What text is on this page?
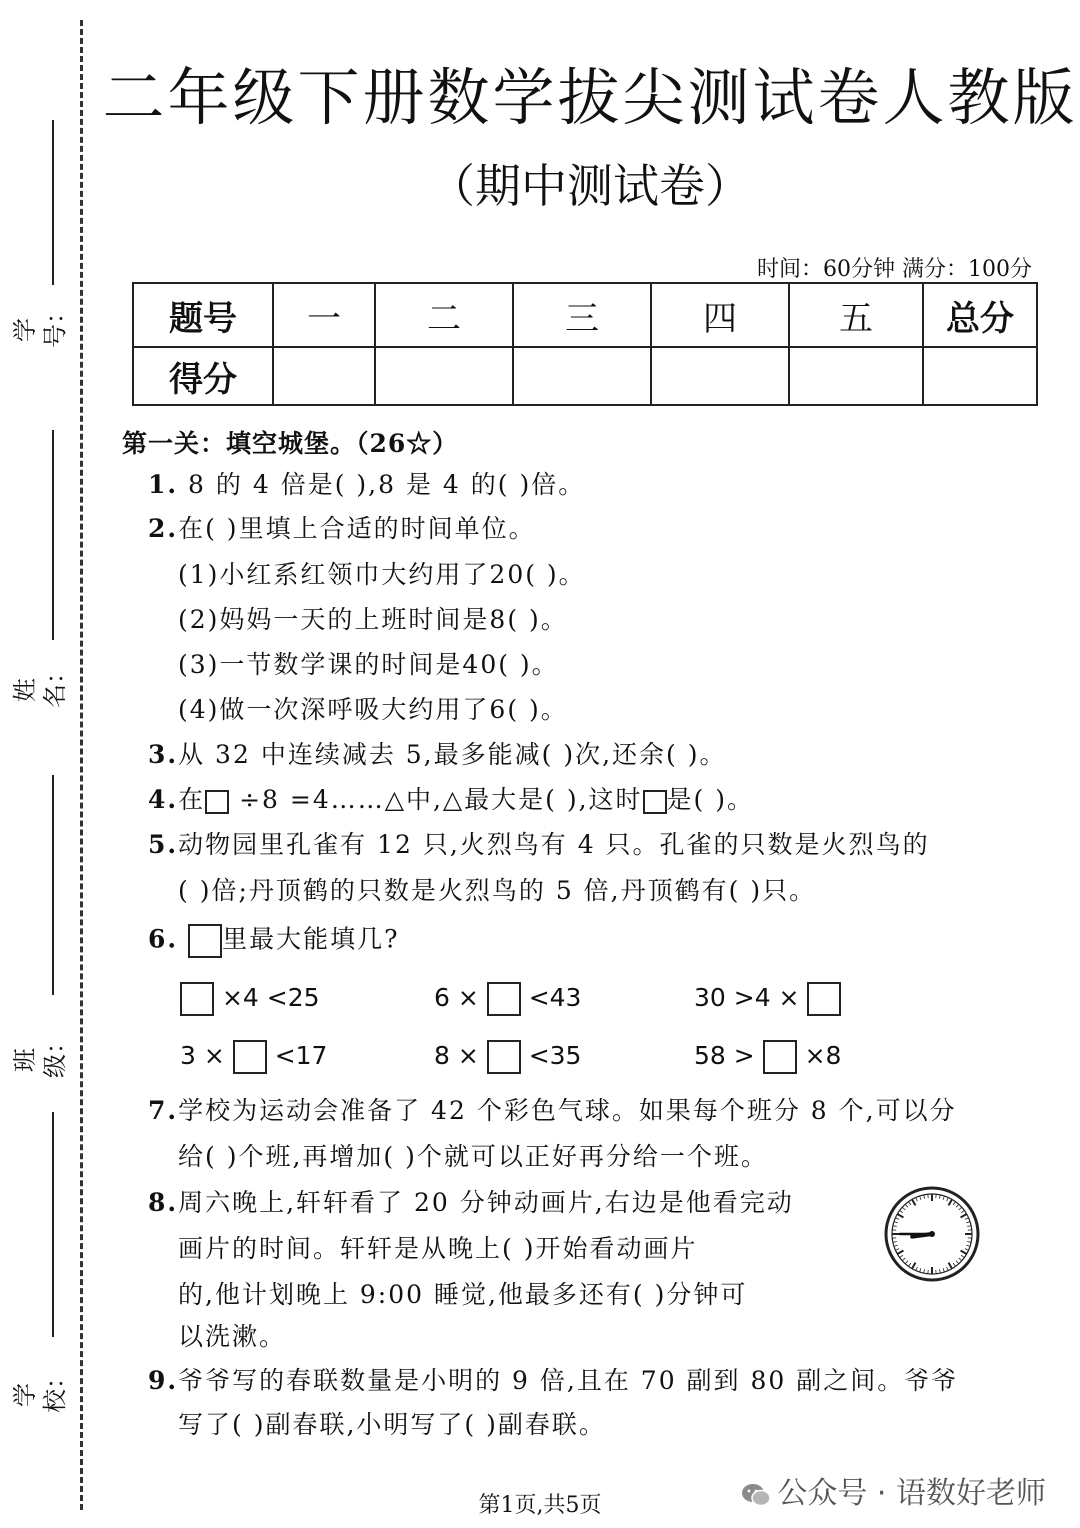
学号：
姓名：
班级：
学校：
二年级下册数学拔尖测试卷人教版
（期中测试卷）
时间：60分钟 满分：100分
题号	一	二	三	四	五	总分
得分						
第一关：填空城堡。（26☆）
1. 8 的 4 倍是( ),8 是 4 的( )倍。
2.在( )里填上合适的时间单位。
(1)小红系红领巾大约用了20( )。
(2)妈妈一天的上班时间是8( )。
(3)一节数学课的时间是40( )。
(4)做一次深呼吸大约用了6( )。
3.从 32 中连续减去 5,最多能减( )次,还余( )。
4.在 ÷8 =4……△中,△最大是( ),这时 是( )。
5.动物园里孔雀有 12 只,火烈鸟有 4 只。孔雀的只数是火烈鸟的
( )倍;丹顶鹤的只数是火烈鸟的 5 倍,丹顶鹤有( )只。
6. 里最大能填几?
×4 <25	6 ×  <43	30 >4 ×
3 ×  <17	8 ×  <35	58 >  ×8
7.学校为运动会准备了 42 个彩色气球。如果每个班分 8 个,可以分
给( )个班,再增加( )个就可以正好再分给一个班。
8.周六晚上,轩轩看了 20 分钟动画片,右边是他看完动
画片的时间。轩轩是从晚上( )开始看动画片
的,他计划晚上 9:00 睡觉,他最多还有( )分钟可
以洗漱。
9.爷爷写的春联数量是小明的 9 倍,且在 70 副到 80 副之间。爷爷
写了( )副春联,小明写了( )副春联。
第1页,共5页	公众号 · 语数好老师
